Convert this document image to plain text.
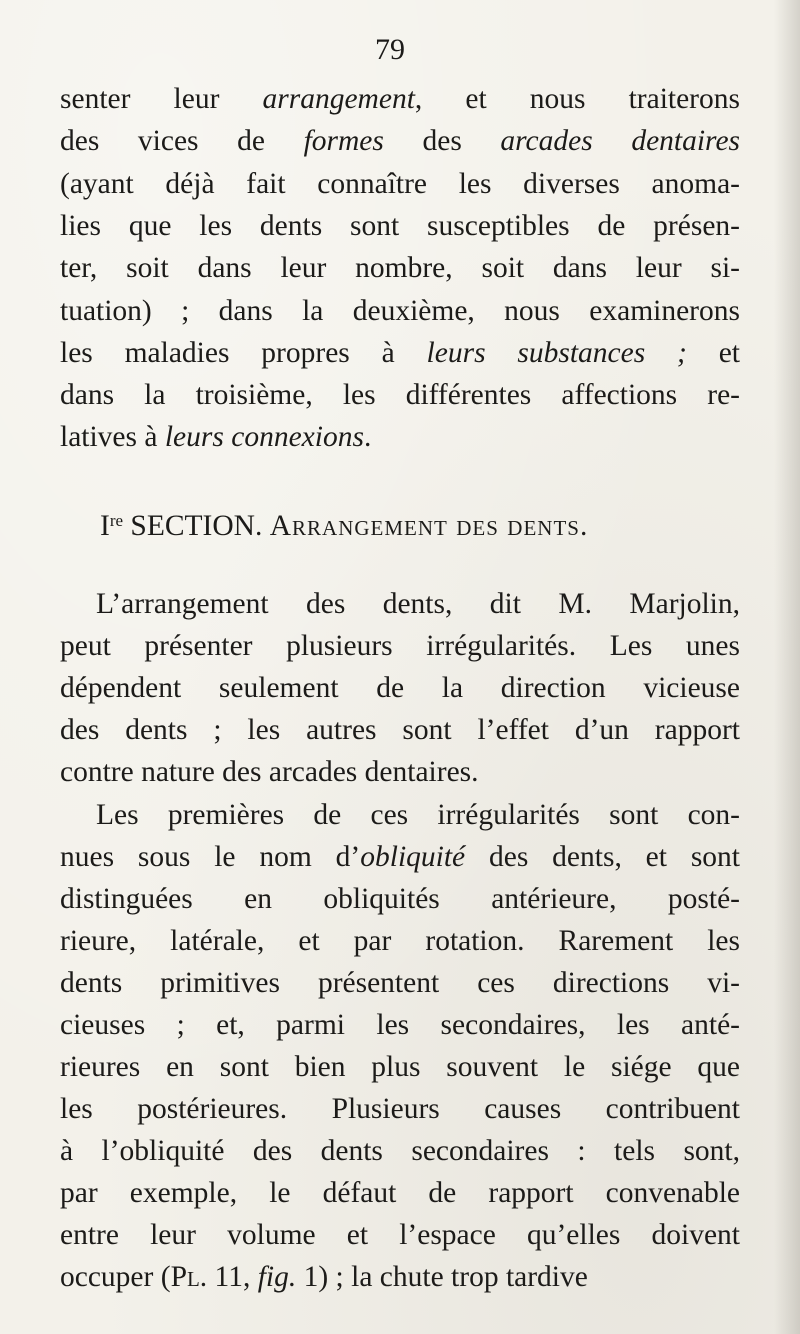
79
senter leur arrangement, et nous traiterons
des vices de formes des arcades dentaires
(ayant déjà fait connaître les diverses anoma-
lies que les dents sont susceptibles de présen-
ter, soit dans leur nombre, soit dans leur si-
tuation) ; dans la deuxième, nous examinerons
les maladies propres à leurs substances ; et
dans la troisième, les différentes affections re-
latives à leurs connexions.
Ire SECTION. Arrangement des dents.
L’arrangement des dents, dit M. Marjolin,
peut présenter plusieurs irrégularités. Les unes
dépendent seulement de la direction vicieuse
des dents ; les autres sont l’effet d’un rapport
contre nature des arcades dentaires.
Les premières de ces irrégularités sont con-
nues sous le nom d’obliquité des dents, et sont
distinguées en obliquités antérieure, posté-
rieure, latérale, et par rotation. Rarement les
dents primitives présentent ces directions vi-
cieuses ; et, parmi les secondaires, les anté-
rieures en sont bien plus souvent le siége que
les postérieures. Plusieurs causes contribuent
à l’obliquité des dents secondaires : tels sont,
par exemple, le défaut de rapport convenable
entre leur volume et l’espace qu’elles doivent
occuper (Pl. 11, fig. 1) ; la chute trop tardive
